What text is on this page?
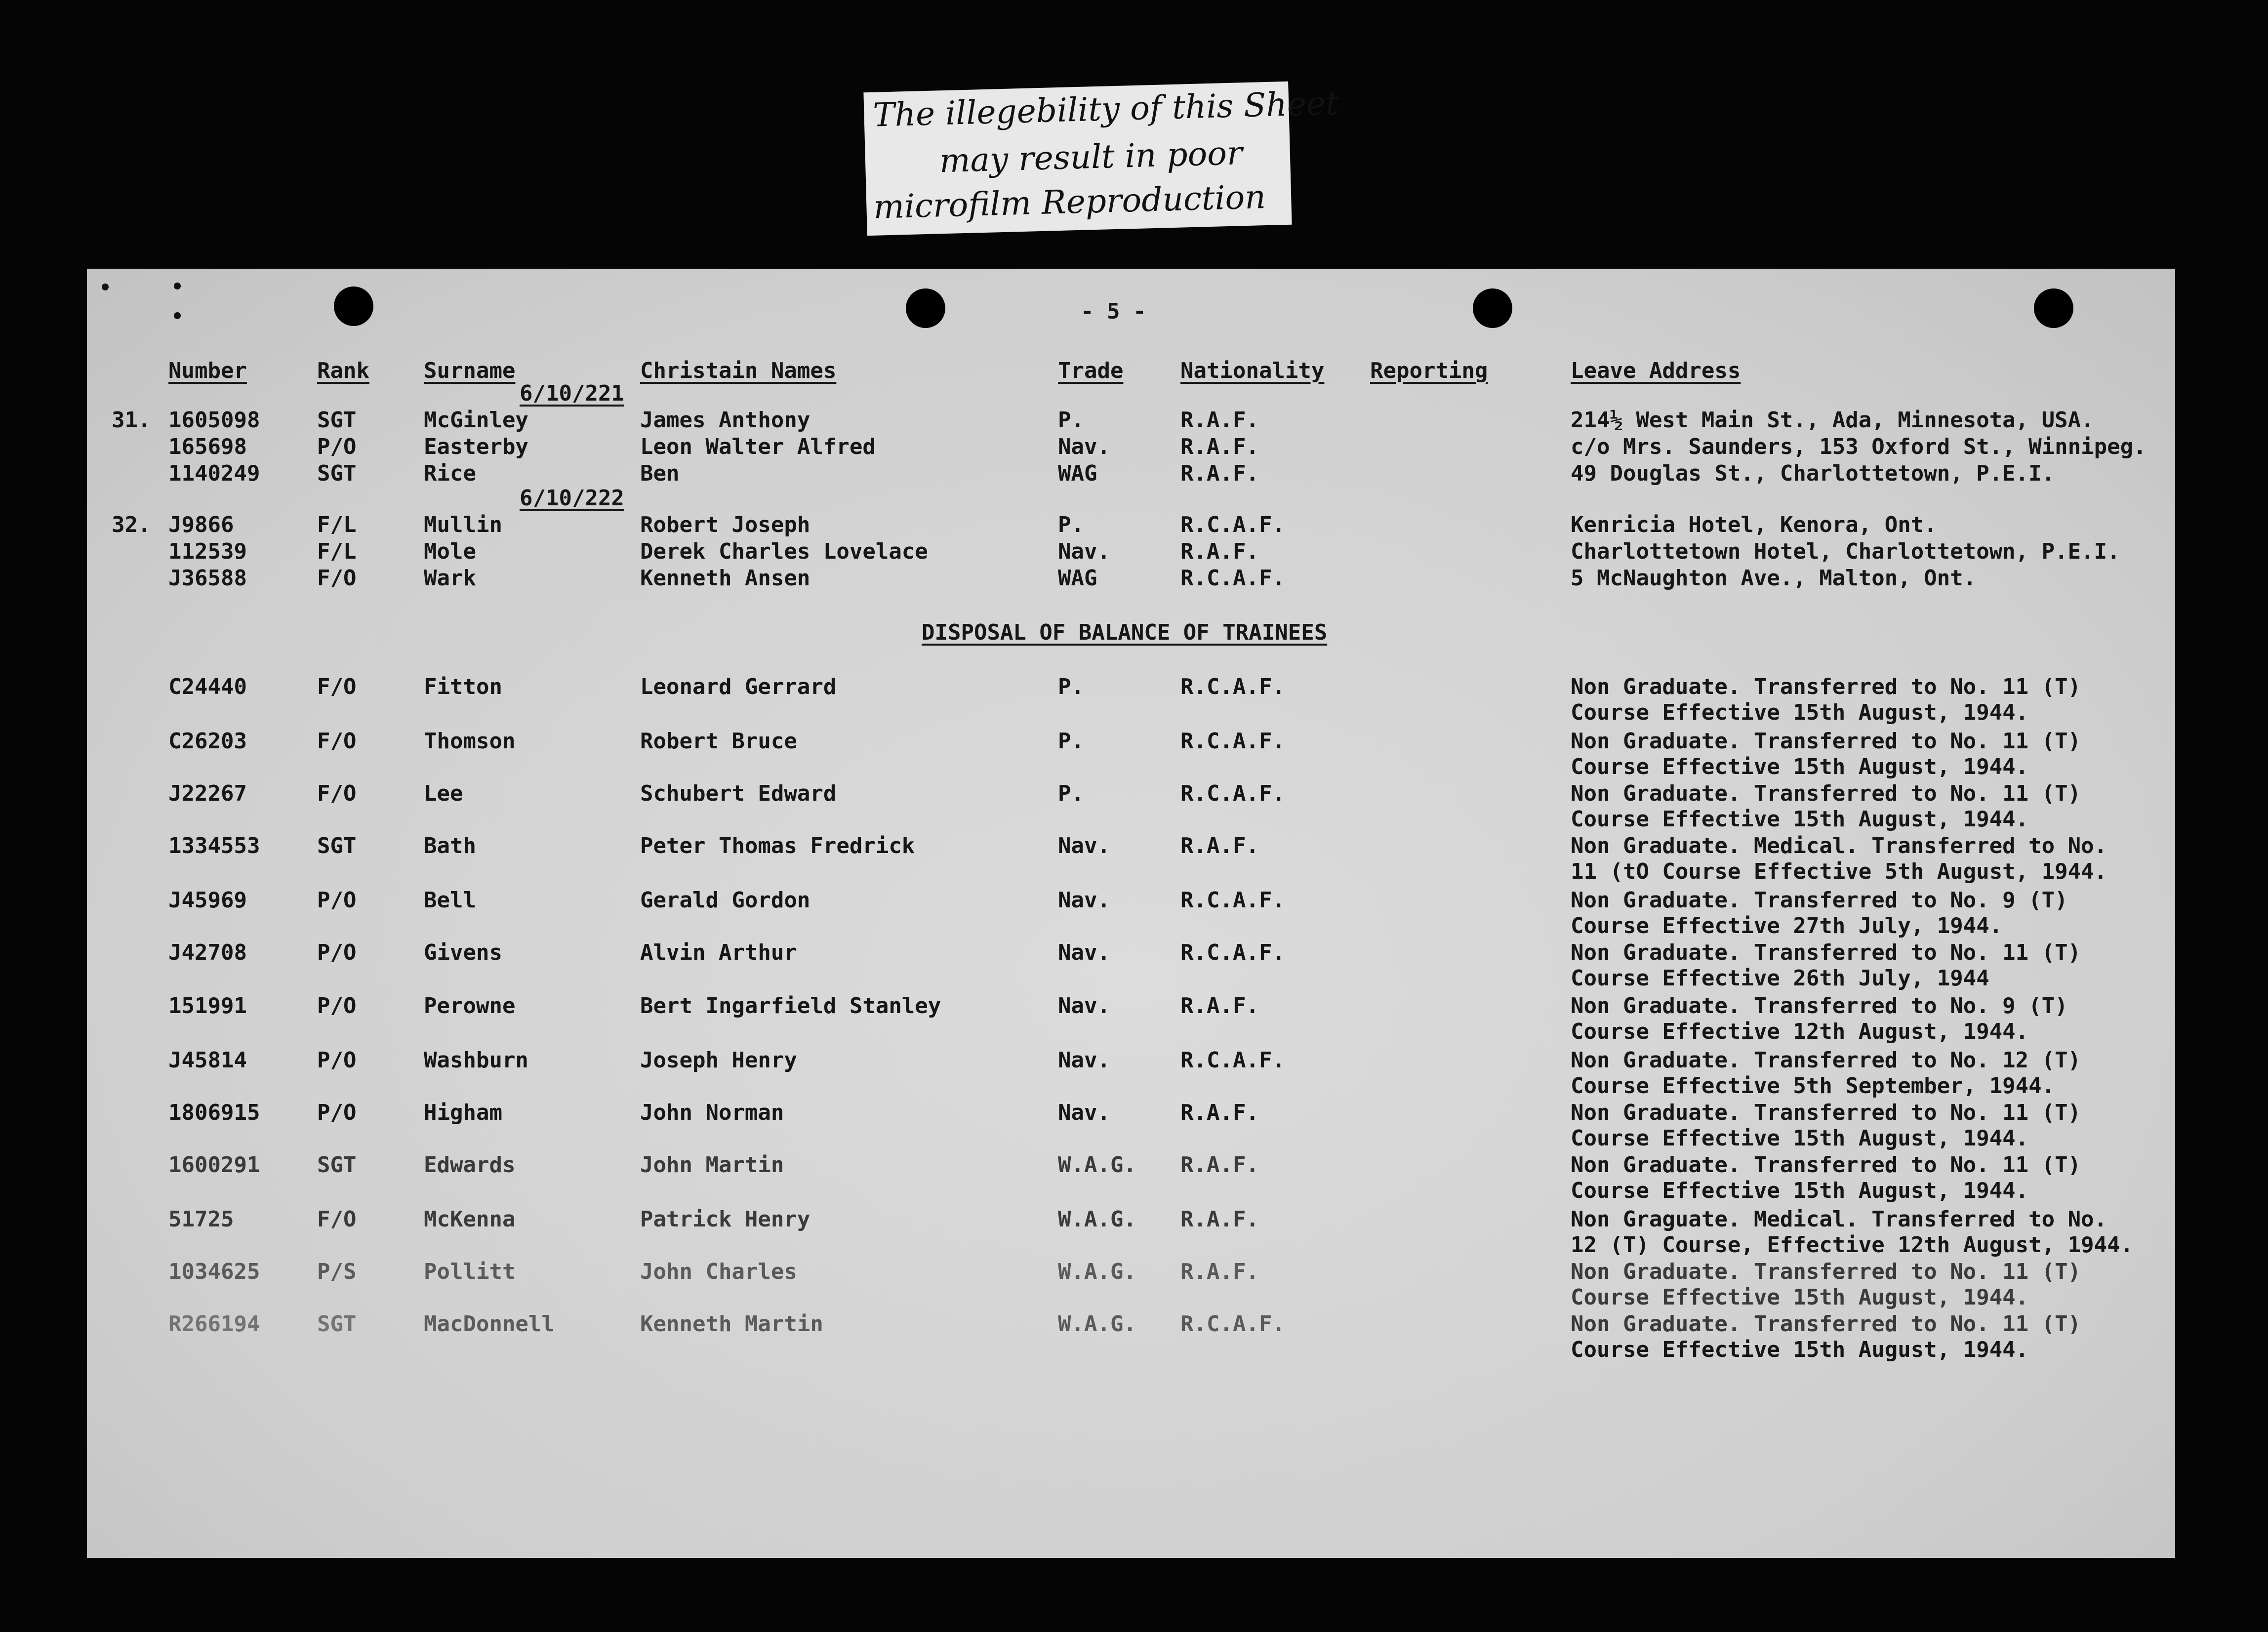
The illegebility of this Sheet
may result in poor
microfilm Reproduction
- 5 -
Number	Rank	Surname	Christain Names	Trade	Nationality Reporting	Leave Address
6/10/221
31. 1605098	SGT	McGinley	James Anthony	P.	R.A.F.	214½ West Main St., Ada, Minnesota, USA.
165698	P/O	Easterby	Leon Walter Alfred	Nav.	R.A.F.	c/o Mrs. Saunders, 153 Oxford St., Winnipeg.
1140249	SGT	Rice	Ben	WAG	R.A.F.	49 Douglas St., Charlottetown, P.E.I.
6/10/222
32. J9866	F/L	Mullin	Robert Joseph	P.	R.C.A.F.	Kenricia Hotel, Kenora, Ont.
112539	F/L	Mole	Derek Charles Lovelace	Nav.	R.A.F.	Charlottetown Hotel, Charlottetown, P.E.I.
J36588	F/O	Wark	Kenneth Ansen	WAG	R.C.A.F.	5 McNaughton Ave., Malton, Ont.
DISPOSAL OF BALANCE OF TRAINEES
C24440	F/O	Fitton	Leonard Gerrard	P.	R.C.A.F.	Non Graduate. Transferred to No. 11 (T)
Course Effective 15th August, 1944.
C26203	F/O	Thomson	Robert Bruce	P.	R.C.A.F.	Non Graduate. Transferred to No. 11 (T)
Course Effective 15th August, 1944.
J22267	F/O	Lee	Schubert Edward	P.	R.C.A.F.	Non Graduate. Transferred to No. 11 (T)
Course Effective 15th August, 1944.
1334553	SGT	Bath	Peter Thomas Fredrick	Nav.	R.A.F.	Non Graduate. Medical. Transferred to No.
11 (tO Course Effective 5th August, 1944.
J45969	P/O	Bell	Gerald Gordon	Nav.	R.C.A.F.	Non Graduate. Transferred to No. 9 (T)
Course Effective 27th July, 1944.
J42708	P/O	Givens	Alvin Arthur	Nav.	R.C.A.F.	Non Graduate. Transferred to No. 11 (T)
Course Effective 26th July, 1944
151991	P/O	Perowne	Bert Ingarfield Stanley	Nav.	R.A.F.	Non Graduate. Transferred to No. 9 (T)
Course Effective 12th August, 1944.
J45814	P/O	Washburn	Joseph Henry	Nav.	R.C.A.F.	Non Graduate. Transferred to No. 12 (T)
Course Effective 5th September, 1944.
1806915	P/O	Higham	John Norman	Nav.	R.A.F.	Non Graduate. Transferred to No. 11 (T)
Course Effective 15th August, 1944.
1600291	SGT	Edwards	John Martin	W.A.G. R.A.F.	Non Graduate. Transferred to No. 11 (T)
Course Effective 15th August, 1944.
51725	F/O	McKenna	Patrick Henry	W.A.G. R.A.F.	Non Graguate. Medical. Transferred to No.
12 (T) Course, Effective 12th August, 1944.
1034625	P/S	Pollitt	John Charles	W.A.G. R.A.F.	Non Graduate. Transferred to No. 11 (T)
Course Effective 15th August, 1944.
R266194	SGT	MacDonnell	Kenneth Martin	W.A.G. R.C.A.F.	Non Graduate. Transferred to No. 11 (T)
Course Effective 15th August, 1944.
